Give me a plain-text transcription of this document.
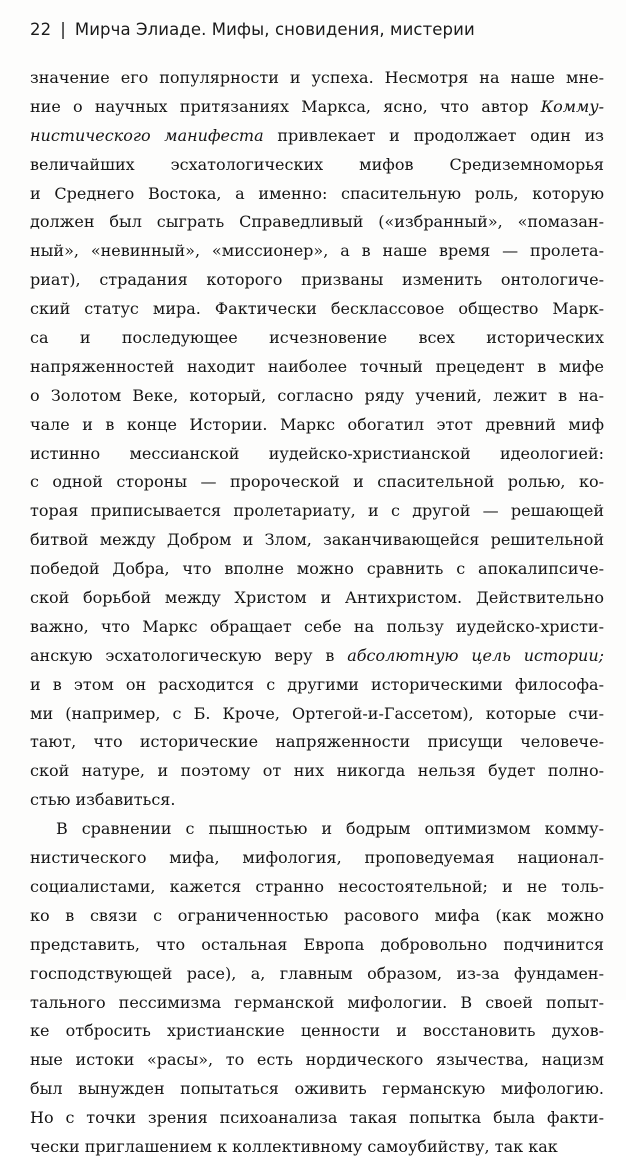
22 | Мирча Элиаде. Мифы, сновидения, мистерии
значение его популярности и успеха. Несмотря на наше мне-
ние о научных притязаниях Маркса, ясно, что автор Комму-
нистического манифеста привлекает и продолжает один из
величайших эсхатологических мифов Средиземноморья
и Среднего Востока, а именно: спасительную роль, которую
должен был сыграть Справедливый («избранный», «помазан-
ный», «невинный», «миссионер», а в наше время — пролета-
риат), страдания которого призваны изменить онтологиче-
ский статус мира. Фактически бесклассовое общество Марк-
са и последующее исчезновение всех исторических
напряженностей находит наиболее точный прецедент в мифе
о Золотом Веке, который, согласно ряду учений, лежит в на-
чале и в конце Истории. Маркс обогатил этот древний миф
истинно мессианской иудейско-христианской идеологией:
с одной стороны — пророческой и спасительной ролью, ко-
торая приписывается пролетариату, и с другой — решающей
битвой между Добром и Злом, заканчивающейся решительной
победой Добра, что вполне можно сравнить с апокалипсиче-
ской борьбой между Христом и Антихристом. Действительно
важно, что Маркс обращает себе на пользу иудейско-христи-
анскую эсхатологическую веру в абсолютную цель истории;
и в этом он расходится с другими историческими философа-
ми (например, с Б. Кроче, Ортегой-и-Гассетом), которые счи-
тают, что исторические напряженности присущи человече-
ской натуре, и поэтому от них никогда нельзя будет полно-
стью избавиться.
В сравнении с пышностью и бодрым оптимизмом комму-
нистического мифа, мифология, проповедуемая национал-
социалистами, кажется странно несостоятельной; и не толь-
ко в связи с ограниченностью расового мифа (как можно
представить, что остальная Европа добровольно подчинится
господствующей расе), а, главным образом, из-за фундамен-
тального пессимизма германской мифологии. В своей попыт-
ке отбросить христианские ценности и восстановить духов-
ные истоки «расы», то есть нордического язычества, нацизм
был вынужден попытаться оживить германскую мифологию.
Но с точки зрения психоанализа такая попытка была факти-
чески приглашением к коллективному самоубийству, так как
